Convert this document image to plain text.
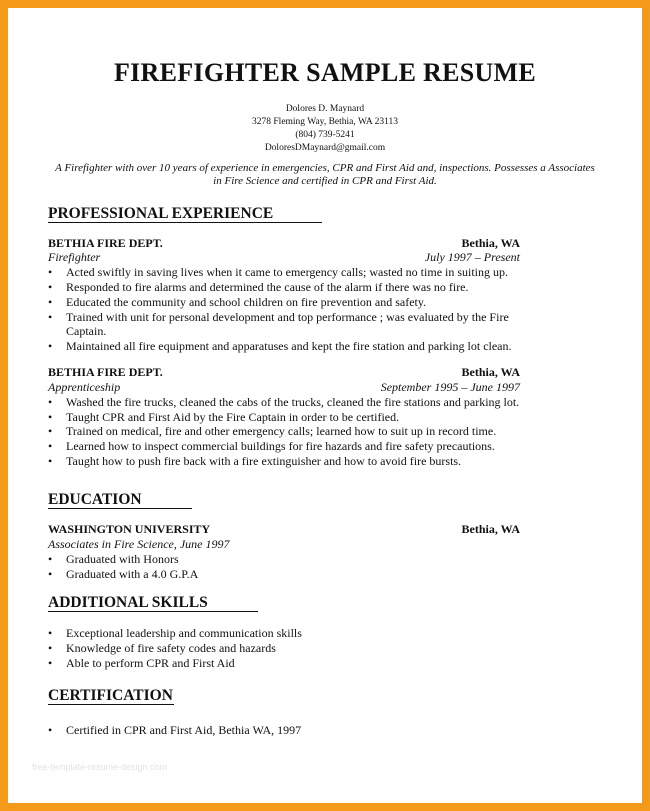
FIREFIGHTER SAMPLE RESUME
Dolores D. Maynard
3278 Fleming Way, Bethia, WA 23113
(804) 739-5241
DoloresDMaynard@gmail.com
A Firefighter with over 10 years of experience in emergencies, CPR and First Aid and, inspections. Possesses a Associates
in Fire Science and certified in CPR and First Aid.
PROFESSIONAL EXPERIENCE
BETHIA FIRE DEPT.	Bethia, WA
Firefighter	July 1997 – Present
• Acted swiftly in saving lives when it came to emergency calls; wasted no time in suiting up.
• Responded to fire alarms and determined the cause of the alarm if there was no fire.
• Educated the community and school children on fire prevention and safety.
• Trained with unit for personal development and top performance ; was evaluated by the Fire
Captain.
• Maintained all fire equipment and apparatuses and kept the fire station and parking lot clean.
BETHIA FIRE DEPT.	Bethia, WA
Apprenticeship	September 1995 – June 1997
• Washed the fire trucks, cleaned the cabs of the trucks, cleaned the fire stations and parking lot.
• Taught CPR and First Aid by the Fire Captain in order to be certified.
• Trained on medical, fire and other emergency calls; learned how to suit up in record time.
• Learned how to inspect commercial buildings for fire hazards and fire safety precautions.
• Taught how to push fire back with a fire extinguisher and how to avoid fire bursts.
EDUCATION
WASHINGTON UNIVERSITY	Bethia, WA
Associates in Fire Science, June 1997
• Graduated with Honors
• Graduated with a 4.0 G.P.A
ADDITIONAL SKILLS
• Exceptional leadership and communication skills
• Knowledge of fire safety codes and hazards
• Able to perform CPR and First Aid
CERTIFICATION
• Certified in CPR and First Aid, Bethia WA, 1997
free-template-resume-design.com
